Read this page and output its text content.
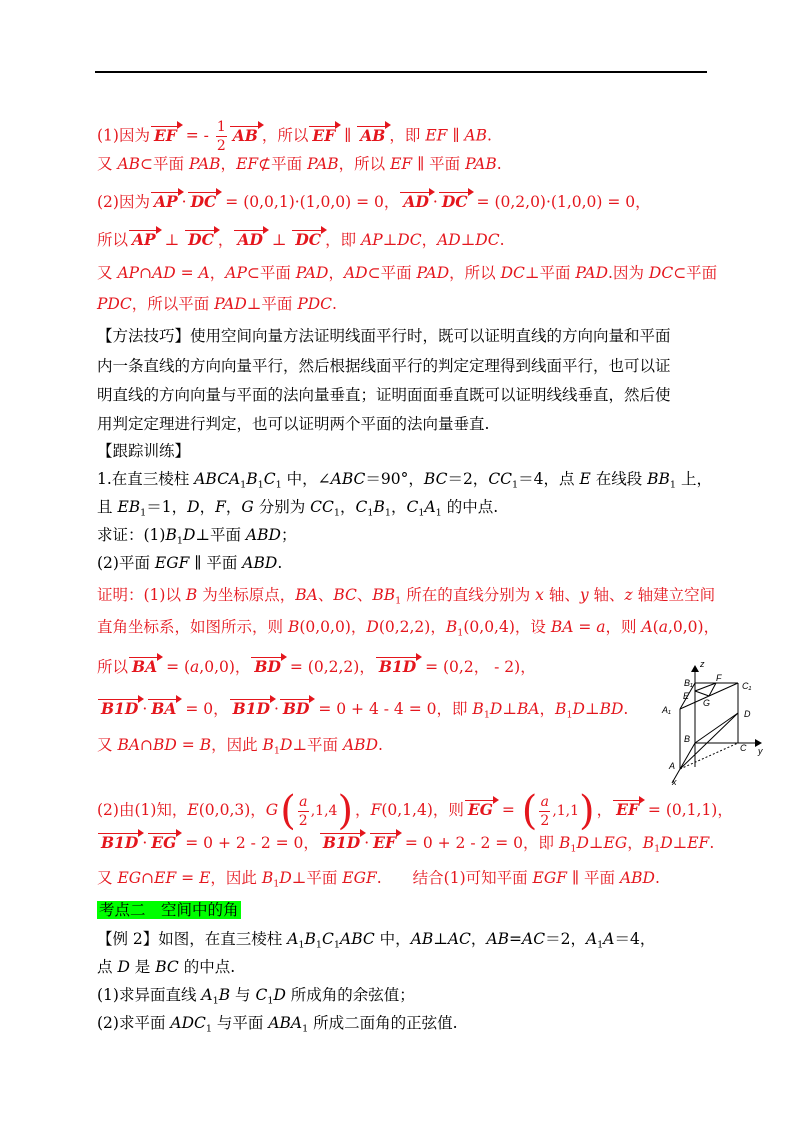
(1)因为 EF = - $\frac{1}{2}$ AB ，所以 EF ∥ AB ，即 EF ∥ AB.
又 AB⊂平面 PAB，EF⊄平面 PAB，所以 EF ∥ 平面 PAB.
(2)因为 AP · DC = (0,0,1)·(1,0,0) = 0， AD · DC = (0,2,0)·(1,0,0) = 0，
所以 AP ⊥ DC ， AD ⊥ DC ，即 AP⊥DC，AD⊥DC.
又 AP∩AD = A，AP⊂平面 PAD，AD⊂平面 PAD，所以 DC⊥平面 PAD.因为 DC⊂平面
PDC，所以平面 PAD⊥平面 PDC.
【方法技巧】使用空间向量方法证明线面平行时，既可以证明直线的方向向量和平面
内一条直线的方向向量平行，然后根据线面平行的判定定理得到线面平行，也可以证
明直线的方向向量与平面的法向量垂直；证明面面垂直既可以证明线线垂直，然后使
用判定定理进行判定，也可以证明两个平面的法向量垂直.
【跟踪训练】
1.在直三棱柱 $ABCA_1B_1C_1$ 中，∠ABC＝90°，BC＝2，$CC_1=4$，点 E 在线段 $BB_1$ 上，
且 $EB_1=1$，D，F，G 分别为 $CC_1$，$C_1B_1$，$C_1A_1$ 的中点.
求证：$(1)B_1D\perp$平面 ABD；
(2)平面 EGF ∥ 平面 ABD.
证明：(1)以 B 为坐标原点，BA、BC、$BB_1$ 所在的直线分别为 x 轴、y 轴、z 轴建立空间
直角坐标系，如图所示，则 B(0,0,0)，D(0,2,2)，$B_1(0,0,4)$，设 BA = a，则 A(a,0,0)，
所以 BA = (a,0,0)， BD = (0,2,2)， B1D = (0,2， - 2)，
B1D · BA = 0， B1D · BD = 0 + 4 - 4 = 0，即 $B_1D\perp BA$，$B_1D\perp BD$.
又 BA∩BD = B，因此 $B_1D\perp$平面 ABD.
(2)由(1)知，E(0,0,3)，G ( $\frac{a}{2} ,1,4$ ) ，F(0,1,4)，则 EG = ( $\frac{a}{2} ,1,1$ ) ， EF = (0,1,1)，
B1D · EG = 0 + 2 - 2 = 0， B1D · EF = 0 + 2 - 2 = 0，即 $B_1D\perp EG$，$B_1D\perp EF$.
又 EG∩EF = E，因此 $B_1D\perp$平面 EGF.　　结合(1)可知平面 EGF ∥ 平面 ABD.
考点二　空间中的角
【例 2】如图，在直三棱柱 $A_1B_1C_1ABC$ 中，AB⊥AC，AB=AC＝2，$A_1A=4$，
点 D 是 BC 的中点.
(1)求异面直线 $A_1B$ 与 $C_1D$ 所成角的余弦值；
(2)求平面 $ADC_1$ 与平面 $ABA_1$ 所成二面角的正弦值.
z
B₁	F
C₁
E
G
A₁	D
B
C y
A
x
